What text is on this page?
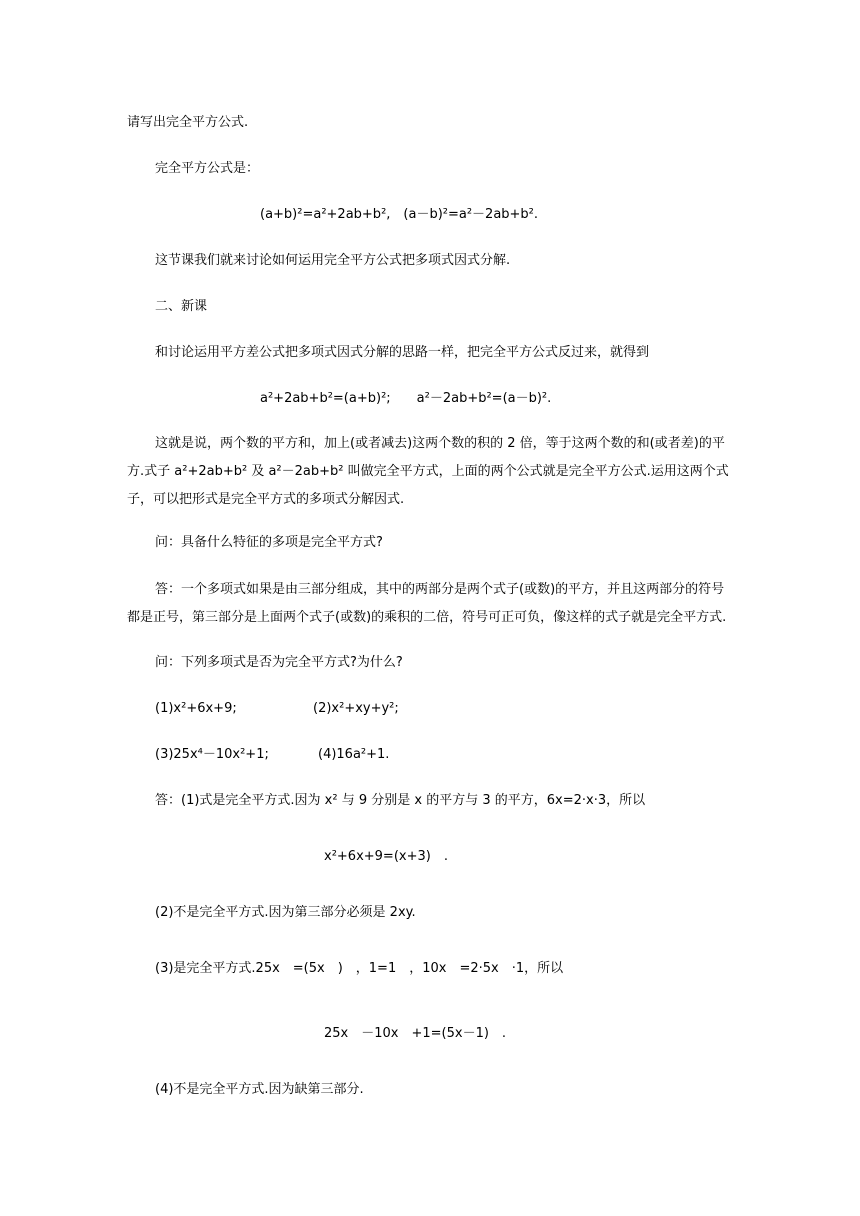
请写出完全平方公式.
完全平方公式是：
(a+b)²=a²+2ab+b²,　(a－b)²=a²－2ab+b².
这节课我们就来讨论如何运用完全平方公式把多项式因式分解.
二、新课
和讨论运用平方差公式把多项式因式分解的思路一样，把完全平方公式反过来，就得到
a²+2ab+b²=(a+b)²;　　a²－2ab+b²=(a－b)².
这就是说，两个数的平方和，加上(或者减去)这两个数的积的 2 倍，等于这两个数的和(或者差)的平方.式子 a²+2ab+b² 及 a²－2ab+b² 叫做完全平方式，上面的两个公式就是完全平方公式.运用这两个式子，可以把形式是完全平方式的多项式分解因式.
问：具备什么特征的多项是完全平方式?
答：一个多项式如果是由三部分组成，其中的两部分是两个式子(或数)的平方，并且这两部分的符号都是正号，第三部分是上面两个式子(或数)的乘积的二倍，符号可正可负，像这样的式子就是完全平方式.
问：下列多项式是否为完全平方式?为什么?
(1)x²+6x+9;	(2)x²+xy+y²;
(3)25x⁴－10x²+1;	(4)16a²+1.
答：(1)式是完全平方式.因为 x² 与 9 分别是 x 的平方与 3 的平方，6x=2·x·3，所以
x²+6x+9=(x+3)　.
(2)不是完全平方式.因为第三部分必须是 2xy.
(3)是完全平方式.25x　=(5x　)　，1=1　，10x　=2·5x　·1，所以
25x　－10x　+1=(5x－1)　.
(4)不是完全平方式.因为缺第三部分.
